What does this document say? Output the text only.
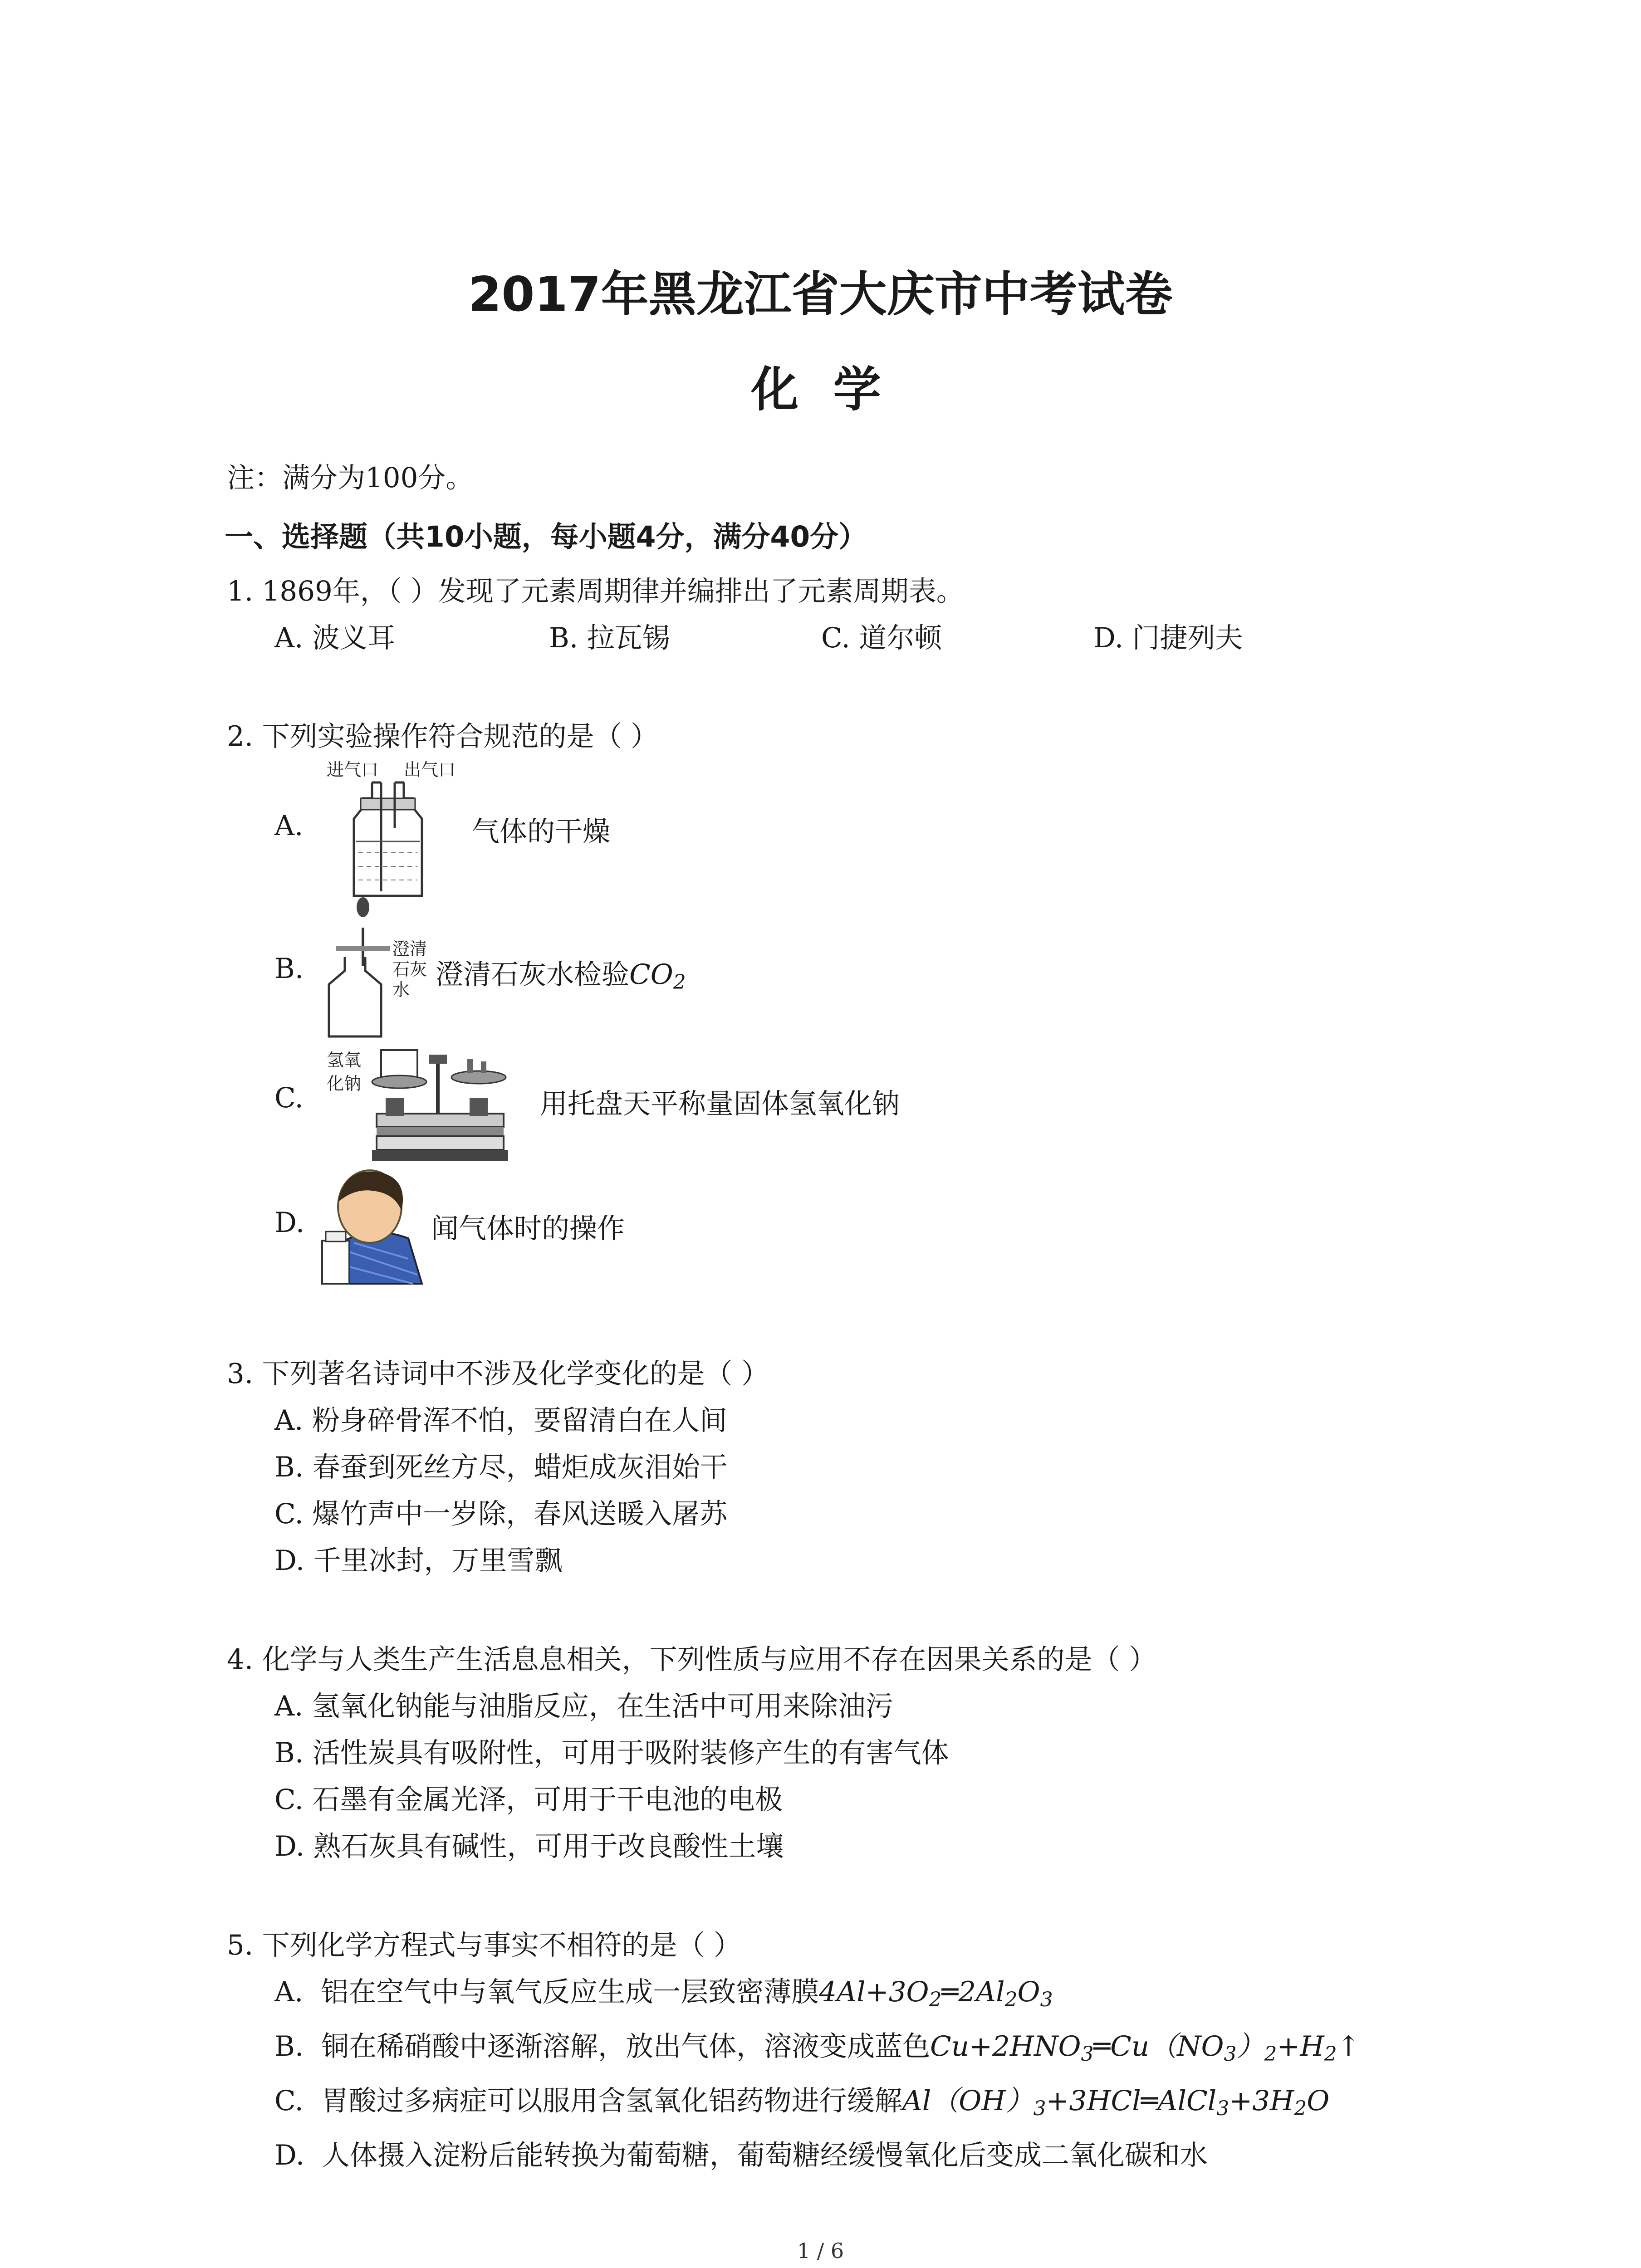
2017年黑龙江省大庆市中考试卷
化 学
注：满分为100分。
一、选择题（共10小题，每小题4分，满分40分）
1. 1869年，（ ）发现了元素周期律并编排出了元素周期表。
A. 波义耳	B. 拉瓦锡	C. 道尔顿	D. 门捷列夫
2. 下列实验操作符合规范的是（ ）
A.
进气口 出气口
气体的干燥
B.
澄清
石灰
水 澄清石灰水检验$CO_2$
C.
氢氧
化钠
用托盘天平称量固体氢氧化钠
D.	闻气体时的操作
3. 下列著名诗词中不涉及化学变化的是（ ）
A. 粉身碎骨浑不怕，要留清白在人间
B. 春蚕到死丝方尽，蜡炬成灰泪始干
C. 爆竹声中一岁除，春风送暖入屠苏
D. 千里冰封，万里雪飘
4. 化学与人类生产生活息息相关，下列性质与应用不存在因果关系的是（ ）
A. 氢氧化钠能与油脂反应，在生活中可用来除油污
B. 活性炭具有吸附性，可用于吸附装修产生的有害气体
C. 石墨有金属光泽，可用于干电池的电极
D. 熟石灰具有碱性，可用于改良酸性土壤
5. 下列化学方程式与事实不相符的是（ ）
A. 铝在空气中与氧气反应生成一层致密薄膜$4Al+3O_2═2Al_2O_3$
B. 铜在稀硝酸中逐渐溶解，放出气体，溶液变成蓝色$Cu+2HNO_3═Cu(NO_3)_2+H_2↑$
C. 胃酸过多病症可以服用含氢氧化铝药物进行缓解$Al(OH)_3+3HCl═AlCl_3+3H_2O$
D. 人体摄入淀粉后能转换为葡萄糖，葡萄糖经缓慢氧化后变成二氧化碳和水
1 / 6
